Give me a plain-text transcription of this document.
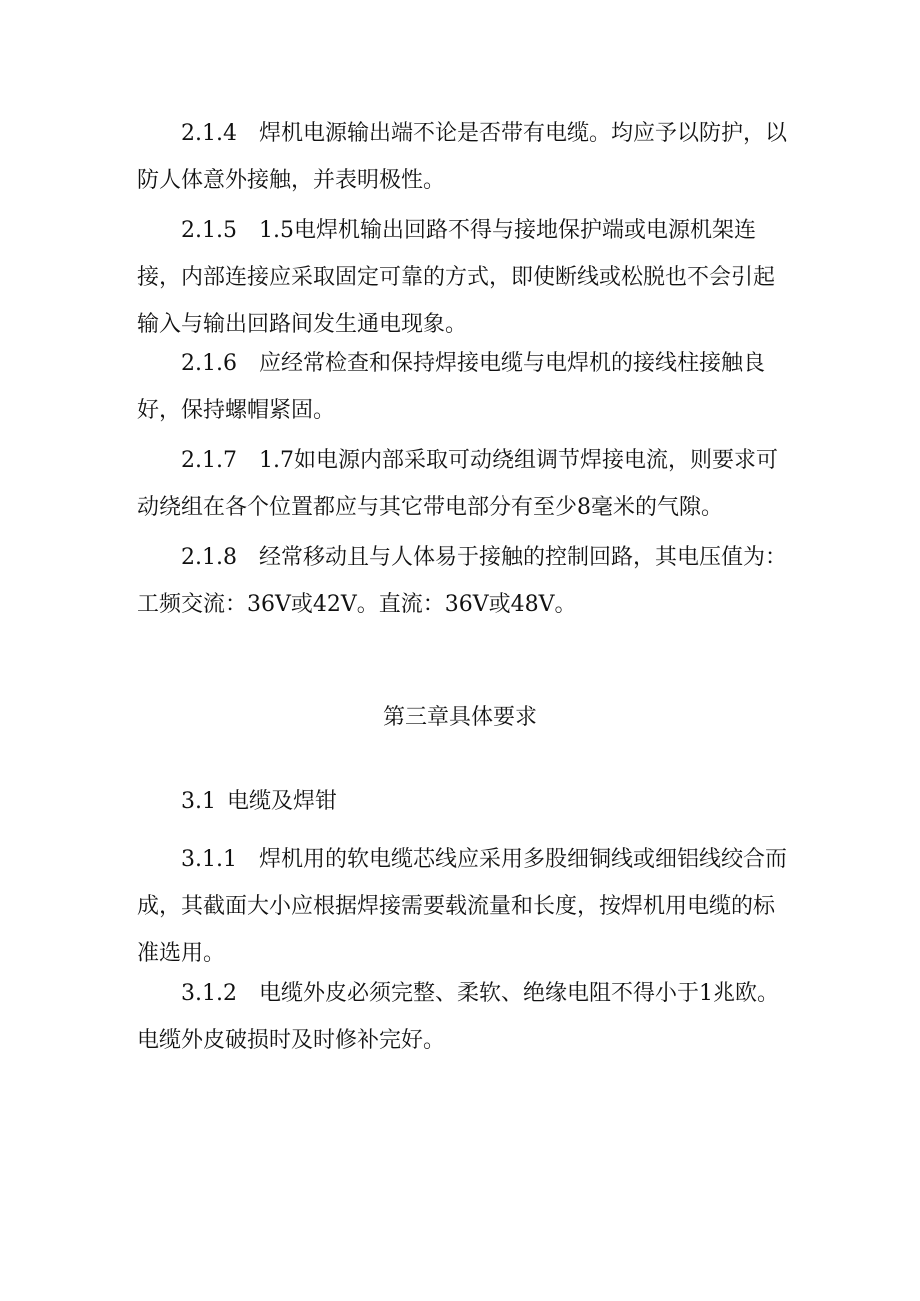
2.1.4 焊机电源输出端不论是否带有电缆。均应予以防护，以防人体意外接触，并表明极性。
2.1.5 1.5电焊机输出回路不得与接地保护端或电源机架连接，内部连接应采取固定可靠的方式，即使断线或松脱也不会引起输入与输出回路间发生通电现象。
2.1.6 应经常检查和保持焊接电缆与电焊机的接线柱接触良好，保持螺帽紧固。
2.1.7 1.7如电源内部采取可动绕组调节焊接电流，则要求可动绕组在各个位置都应与其它带电部分有至少8毫米的气隙。
2.1.8 经常移动且与人体易于接触的控制回路，其电压值为：工频交流：36V或42V。直流：36V或48V。
第三章具体要求
3.1 电缆及焊钳
3.1.1 焊机用的软电缆芯线应采用多股细铜线或细铝线绞合而成，其截面大小应根据焊接需要载流量和长度，按焊机用电缆的标准选用。
3.1.2 电缆外皮必须完整、柔软、绝缘电阻不得小于1兆欧。电缆外皮破损时及时修补完好。
